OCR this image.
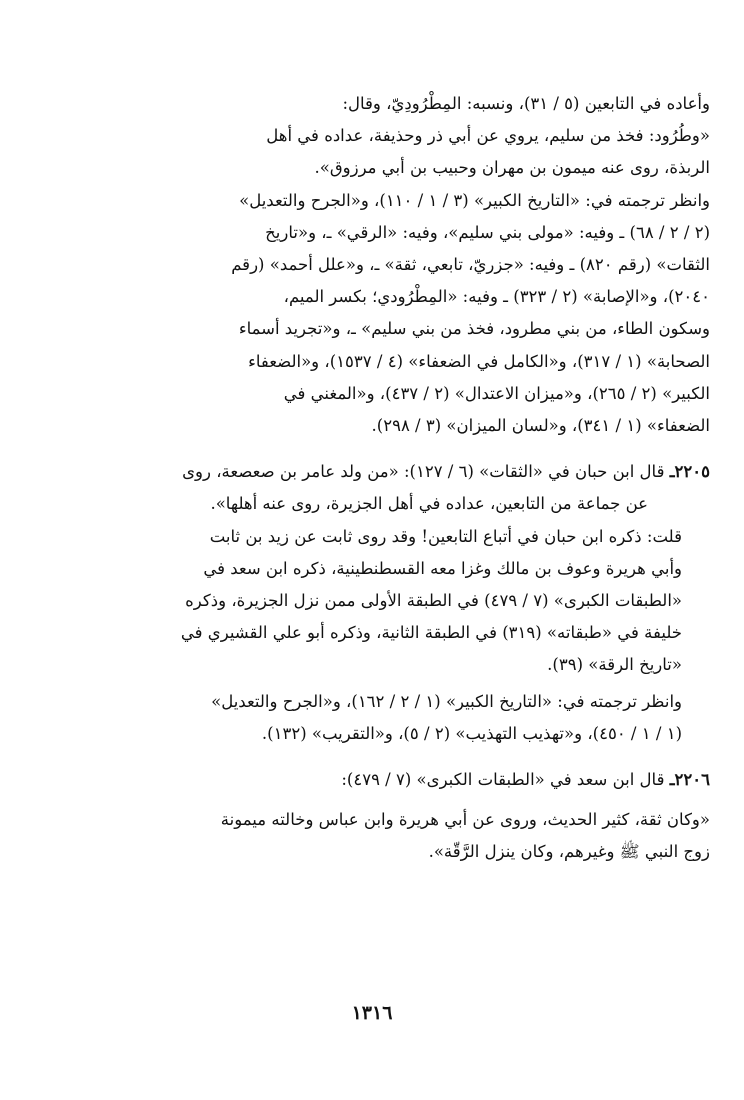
وأعاده في التابعين (٥ / ٣١)، ونسبه: المِطْرُودِيّ، وقال:

«وطُرُود: فخذ من سليم، يروي عن أبي ذر وحذيفة، عداده في أهل
الربذة، روى عنه ميمون بن مهران وحبيب بن أبي مرزوق».

وانظر ترجمته في: «التاريخ الكبير» (٣ / ١ / ١١٠)، و«الجرح والتعديل»
(٢ / ٢ / ٦٨) ـ وفيه: «مولى بني سليم»، وفيه: «الرقي» ـ، و«تاريخ
الثقات» (رقم ٨٢٠) ـ وفيه: «جزريّ، تابعي، ثقة» ـ، و«علل أحمد» (رقم
٢٠٤٠)، و«الإصابة» (٢ / ٣٢٣) ـ وفيه: «المِطْرُودي؛ بكسر الميم،
وسكون الطاء، من بني مطرود، فخذ من بني سليم» ـ، و«تجريد أسماء
الصحابة» (١ / ٣١٧)، و«الكامل في الضعفاء» (٤ / ١٥٣٧)، و«الضعفاء
الكبير» (٢ / ٢٦٥)، و«ميزان الاعتدال» (٢ / ٤٣٧)، و«المغني في
الضعفاء» (١ / ٣٤١)، و«لسان الميزان» (٣ / ٢٩٨).

٢٢٠٥ـ قال ابن حبان في «الثقات» (٦ / ١٢٧): «من ولد عامر بن صعصعة، روى
عن جماعة من التابعين، عداده في أهل الجزيرة، روى عنه أهلها».

قلت: ذكره ابن حبان في أتباع التابعين! وقد روى ثابت عن زيد بن ثابت
وأبي هريرة وعوف بن مالك وغزا معه القسطنطينية، ذكره ابن سعد في
«الطبقات الكبرى» (٧ / ٤٧٩) في الطبقة الأولى ممن نزل الجزيرة، وذكره
خليفة في «طبقاته» (٣١٩) في الطبقة الثانية، وذكره أبو علي القشيري في
«تاريخ الرقة» (٣٩).

وانظر ترجمته في: «التاريخ الكبير» (١ / ٢ / ١٦٢)، و«الجرح والتعديل»
(١ / ١ / ٤٥٠)، و«تهذيب التهذيب» (٢ / ٥)، و«التقريب» (١٣٢).

٢٢٠٦ـ قال ابن سعد في «الطبقات الكبرى» (٧ / ٤٧٩):

«وكان ثقة، كثير الحديث، وروى عن أبي هريرة وابن عباس وخالته ميمونة
زوج النبي ﷺ وغيرهم، وكان ينزل الرَّقّة».

١٣١٦
